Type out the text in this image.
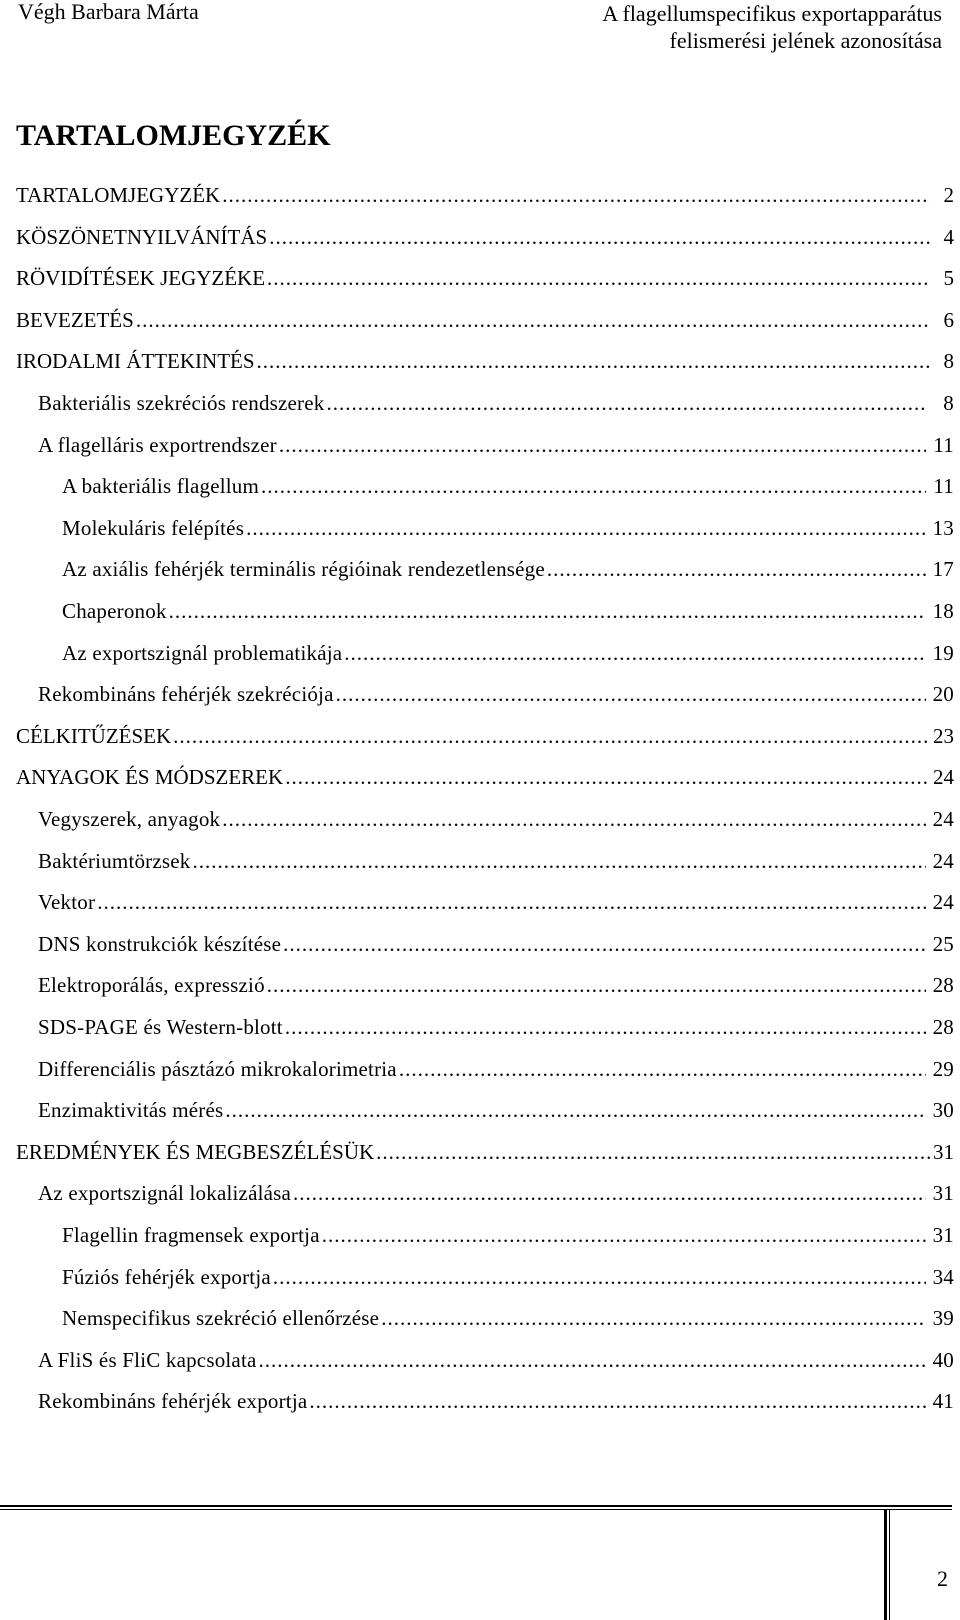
Végh Barbara Márta	A flagellumspecifikus exportapparátus
felismerési jelének azonosítása
TARTALOMJEGYZÉK
TARTALOMJEGYZÉK .....	2
KÖSZÖNETNYILVÁNÍTÁS .....	4
RÖVIDÍTÉSEK JEGYZÉKE .....	5
BEVEZETÉS .....	6
IRODALMI ÁTTEKINTÉS .....	8
Bakteriális szekréciós rendszerek .....	8
A flagelláris exportrendszer .....	11
A bakteriális flagellum .....	11
Molekuláris felépítés .....	13
Az axiális fehérjék terminális régióinak rendezetlensége .....	17
Chaperonok .....	18
Az exportszignál problematikája .....	19
Rekombináns fehérjék szekréciója .....	20
CÉLKITŰZÉSEK .....	23
ANYAGOK ÉS MÓDSZEREK .....	24
Vegyszerek, anyagok .....	24
Baktériumtörzsek .....	24
Vektor .....	24
DNS konstrukciók készítése .....	25
Elektroporálás, expresszió .....	28
SDS-PAGE és Western-blott .....	28
Differenciális pásztázó mikrokalorimetria .....	29
Enzimaktivitás mérés .....	30
EREDMÉNYEK ÉS MEGBESZÉLÉSÜK .....	31
Az exportszignál lokalizálása .....	31
Flagellin fragmensek exportja .....	31
Fúziós fehérjék exportja .....	34
Nemspecifikus szekréció ellenőrzése .....	39
A FliS és FliC kapcsolata .....	40
Rekombináns fehérjék exportja .....	41
2
